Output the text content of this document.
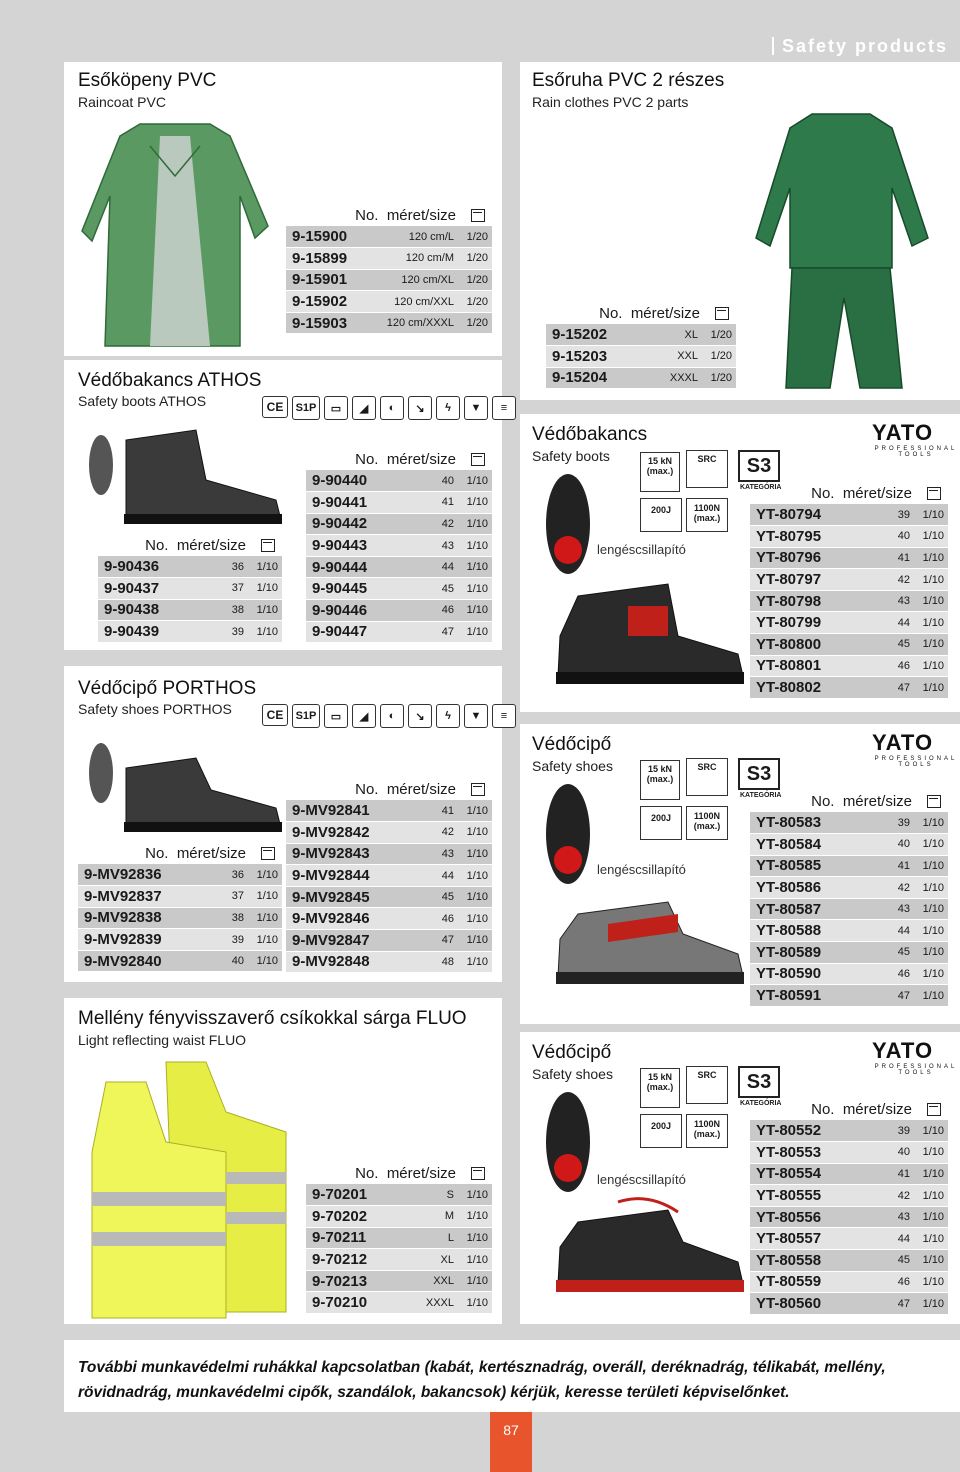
Safety products
Esőköpeny PVC
Raincoat PVC
No. méret/size		
9-15900	120 cm/L	1/20
9-15899	120 cm/M	1/20
9-15901	120 cm/XL	1/20
9-15902	120 cm/XXL	1/20
9-15903	120 cm/XXXL	1/20
Esőruha PVC 2 részes
Rain clothes PVC 2 parts
No. méret/size		
9-15202	XL	1/20
9-15203	XXL	1/20
9-15204	XXXL	1/20
Védőbakancs ATHOS
Safety boots ATHOS	CE	S1P	▭	◢	◐	↘	ϟ	▼	≡
No. méret/size		
9-90436	36	1/10
9-90437	37	1/10
9-90438	38	1/10
9-90439	39	1/10
No. méret/size		
9-90440	40	1/10
9-90441	41	1/10
9-90442	42	1/10
9-90443	43	1/10
9-90444	44	1/10
9-90445	45	1/10
9-90446	46	1/10
9-90447	47	1/10
Védőcipő PORTHOS
Safety shoes PORTHOS	CE	S1P	▭	◢	◐	↘	ϟ	▼	≡
No. méret/size		
9-MV92836	36	1/10
9-MV92837	37	1/10
9-MV92838	38	1/10
9-MV92839	39	1/10
9-MV92840	40	1/10
No. méret/size		
9-MV92841	41	1/10
9-MV92842	42	1/10
9-MV92843	43	1/10
9-MV92844	44	1/10
9-MV92845	45	1/10
9-MV92846	46	1/10
9-MV92847	47	1/10
9-MV92848	48	1/10
Mellény fényvisszaverő csíkokkal sárga FLUO
Light reflecting waist FLUO
No. méret/size		
9-70201	S	1/10
9-70202	M	1/10
9-70211	L	1/10
9-70212	XL	1/10
9-70213	XXL	1/10
9-70210	XXXL	1/10
Védőbakancs
Safety boots
YATO
PROFESSIONAL TOOLS
15 kN (max.)
SRC
200J	1100N (max.)
S3
KATEGÓRIA
lengéscsillapító
No. méret/size		
YT-80794	39	1/10
YT-80795	40	1/10
YT-80796	41	1/10
YT-80797	42	1/10
YT-80798	43	1/10
YT-80799	44	1/10
YT-80800	45	1/10
YT-80801	46	1/10
YT-80802	47	1/10
Védőcipő
Safety shoes
YATO
PROFESSIONAL TOOLS
15 kN (max.)
SRC
200J	1100N (max.)
S3
KATEGÓRIA
lengéscsillapító
No. méret/size		
YT-80583	39	1/10
YT-80584	40	1/10
YT-80585	41	1/10
YT-80586	42	1/10
YT-80587	43	1/10
YT-80588	44	1/10
YT-80589	45	1/10
YT-80590	46	1/10
YT-80591	47	1/10
Védőcipő
Safety shoes
YATO
PROFESSIONAL TOOLS
15 kN (max.)
SRC
200J	1100N (max.)
S3
KATEGÓRIA
lengéscsillapító
No. méret/size		
YT-80552	39	1/10
YT-80553	40	1/10
YT-80554	41	1/10
YT-80555	42	1/10
YT-80556	43	1/10
YT-80557	44	1/10
YT-80558	45	1/10
YT-80559	46	1/10
YT-80560	47	1/10
További munkavédelmi ruhákkal kapcsolatban (kabát, kertésznadrág, overáll, deréknadrág, télikabát, mellény, rövidnadrág, munkavédelmi cipők, szandálok, bakancsok) kérjük, keresse területi képviselőnket.
87
